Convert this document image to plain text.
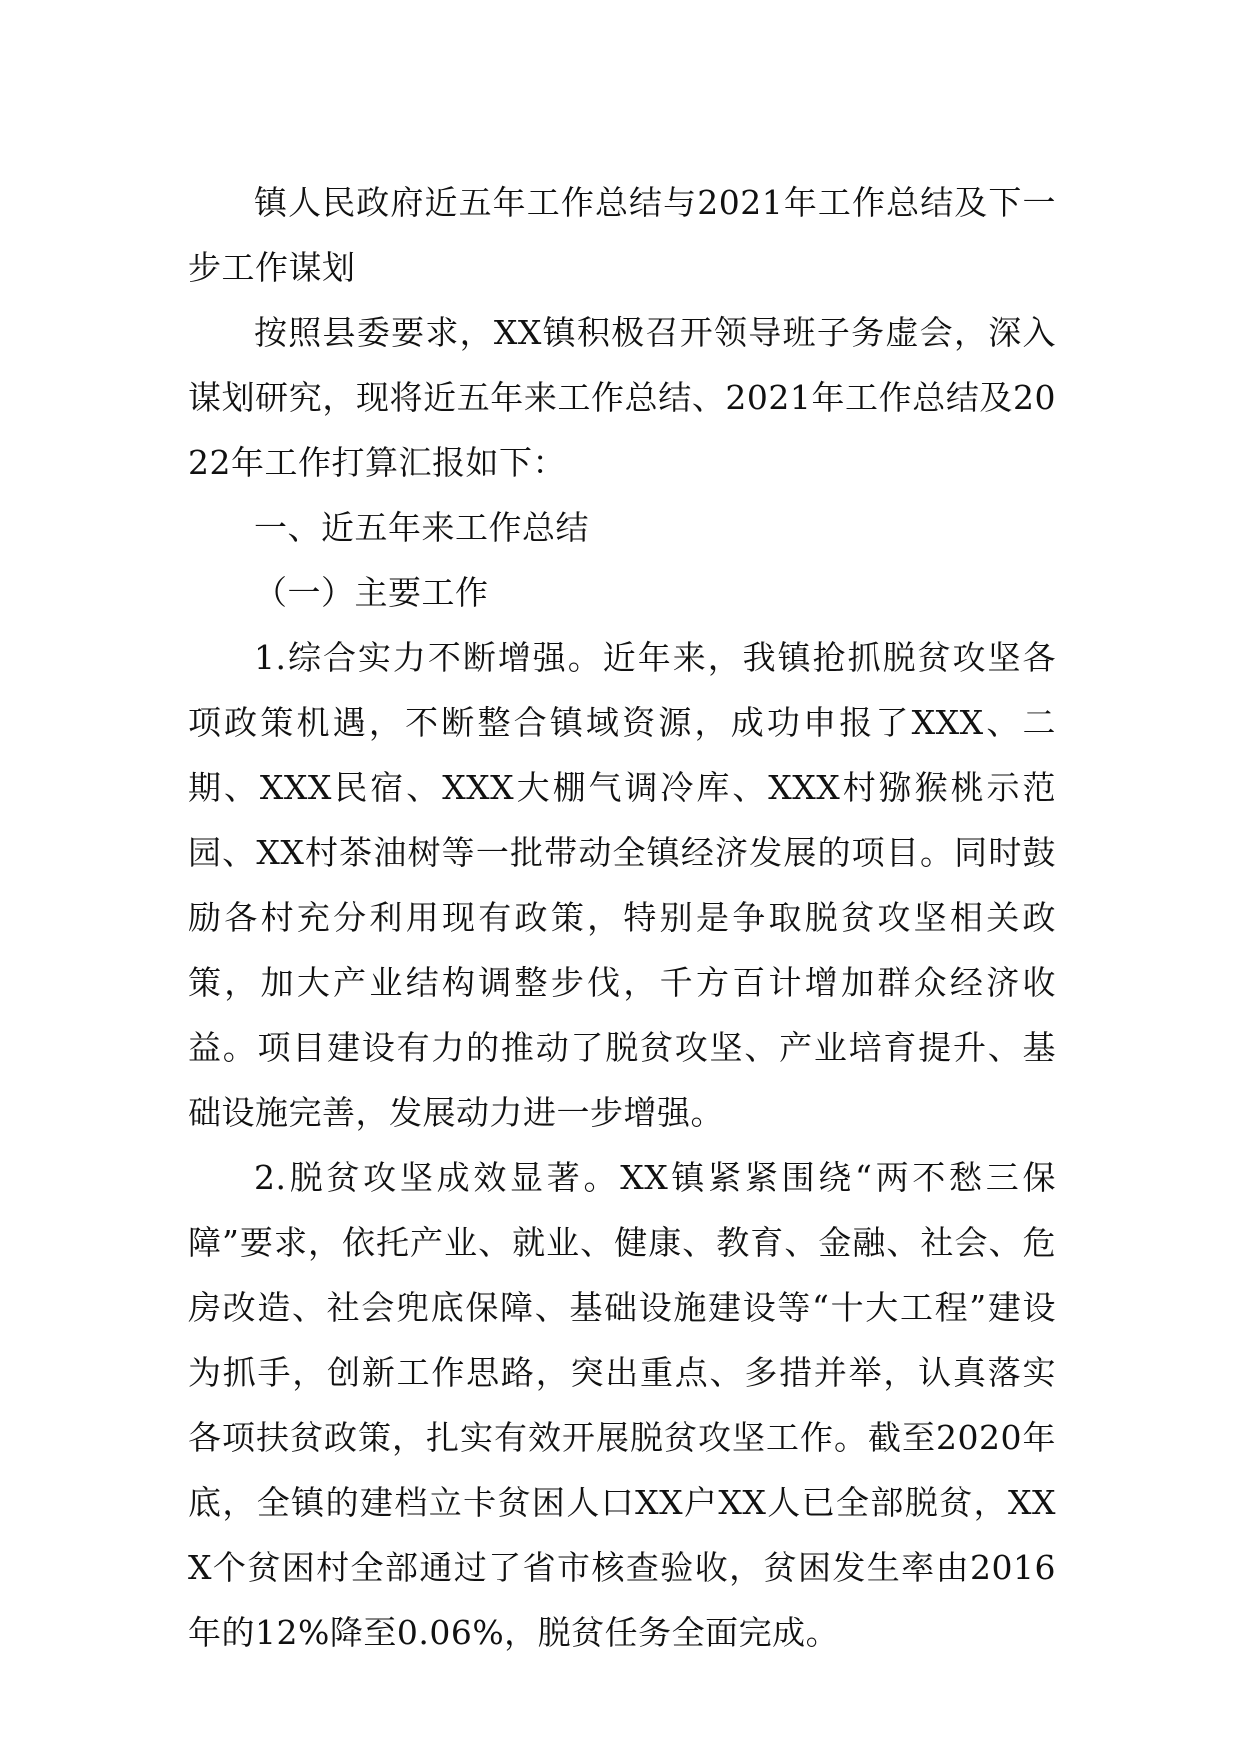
镇人民政府近五年工作总结与2021年工作总结及下一步工作谋划

按照县委要求，XX镇积极召开领导班子务虚会，深入谋划研究，现将近五年来工作总结、2021年工作总结及2022年工作打算汇报如下：

一、近五年来工作总结

（一）主要工作

1.综合实力不断增强。近年来，我镇抢抓脱贫攻坚各项政策机遇，不断整合镇域资源，成功申报了XXX、二期、XXX民宿、XXX大棚气调冷库、XXX村猕猴桃示范园、XX村茶油树等一批带动全镇经济发展的项目。同时鼓励各村充分利用现有政策，特别是争取脱贫攻坚相关政策，加大产业结构调整步伐，千方百计增加群众经济收益。项目建设有力的推动了脱贫攻坚、产业培育提升、基础设施完善，发展动力进一步增强。

2.脱贫攻坚成效显著。XX镇紧紧围绕“两不愁三保障”要求，依托产业、就业、健康、教育、金融、社会、危房改造、社会兜底保障、基础设施建设等“十大工程”建设为抓手，创新工作思路，突出重点、多措并举，认真落实各项扶贫政策，扎实有效开展脱贫攻坚工作。截至2020年底，全镇的建档立卡贫困人口XX户XX人已全部脱贫，XXX个贫困村全部通过了省市核查验收，贫困发生率由2016年的12%降至0.06%，脱贫任务全面完成。
